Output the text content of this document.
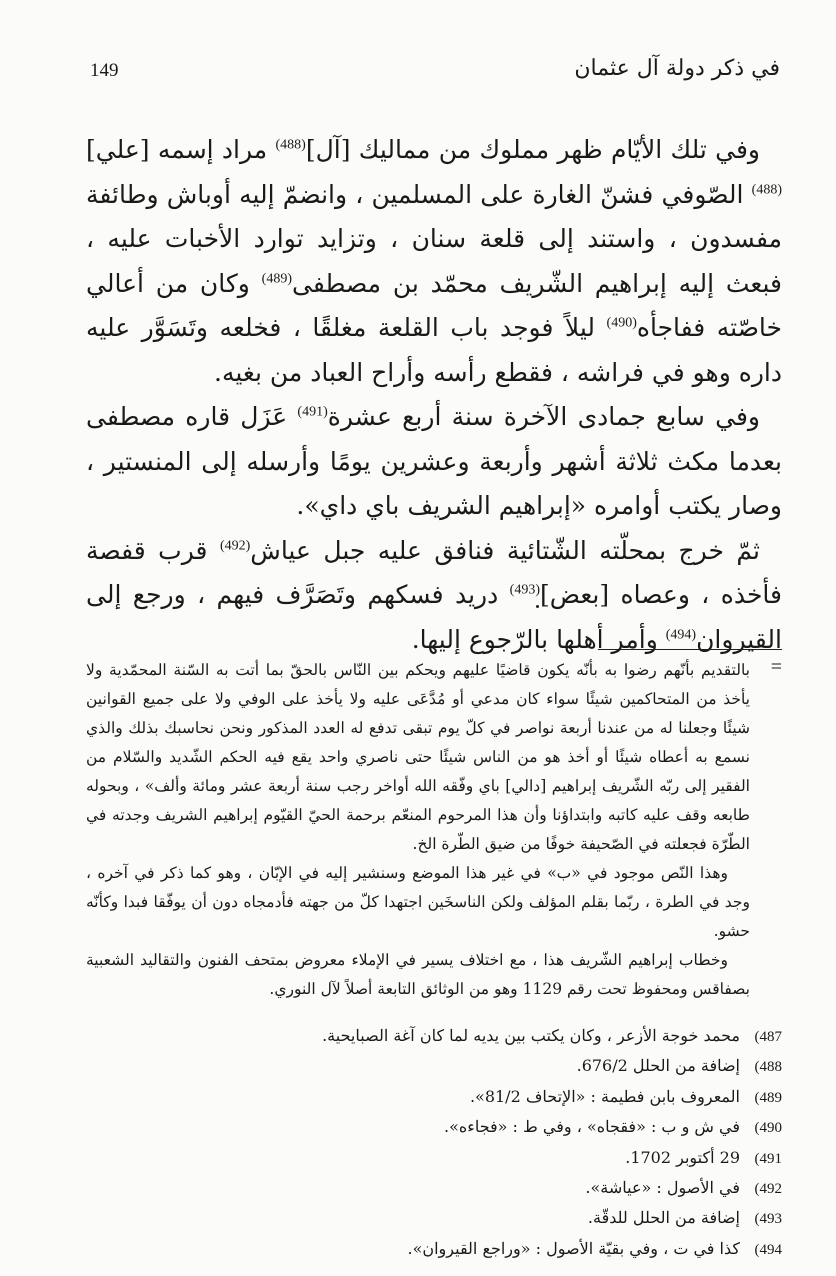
149	في ذكر دولة آل عثمان

وفي تلك الأيّام ظهر مملوك من مماليك [آل]$^{(488)}$ مراد إسمه [علي]$^{(488)}$ الصّوفي فشنّ الغارة على المسلمين ، وانضمّ إليه أوباش وطائفة مفسدون ، واستند إلى قلعة سنان ، وتزايد توارد الأخبات عليه ، فبعث إليه إبراهيم الشّريف محمّد بن مصطفى$^{(489)}$ وكان من أعالي خاصّته ففاجأه$^{(490)}$ ليلاً فوجد باب القلعة مغلقًا ، فخلعه وتَسَوَّر عليه داره وهو في فراشه ، فقطع رأسه وأراح العباد من بغيه.

وفي سابع جمادى الآخرة سنة أربع عشرة$^{(491)}$ عَزَل قاره مصطفى بعدما مكث ثلاثة أشهر وأربعة وعشرين يومًا وأرسله إلى المنستير ، وصار يكتب أوامره «إبراهيم الشريف باي داي».

ثمّ خرج بمحلّته الشّتائية فنافق عليه جبل عياش$^{(492)}$ قرب قفصة فأخذه ، وعصاه [بعض]$^{(493)}$ دريد فسكهم وتَصَرَّف فيهم ، ورجع إلى القيروان$^{(494)}$ وأمر أهلها بالرّجوع إليها.

=

بالتقديم بأنّهم رضوا به بأنّه يكون قاضيًا عليهم ويحكم بين النّاس بالحقّ بما أتت به السّنة المحمّدية ولا يأخذ من المتحاكمين شيئًا سواء كان مدعي أو مُدَّعَى عليه ولا يأخذ على الوفي ولا على جميع القوانين شيئًا وجعلنا له من عندنا أربعة نواصر في كلّ يوم تبقى تدفع له العدد المذكور ونحن نحاسبك بذلك والذي نسمع به أعطاه شيئًا أو أخذ هو من الناس شيئًا حتى ناصري واحد يقع فيه الحكم الشّديد والسّلام من الفقير إلى ربّه الشّريف إبراهيم [دالي] باي وفّقه الله أواخر رجب سنة أربعة عشر ومائة وألف» ، وبحوله طابعه وقف عليه كاتبه وابتداؤنا وأن هذا المرحوم المنعّم برحمة الحيّ القيّوم إبراهيم الشريف وجدته في الطّرّة فجعلته في الصّحيفة خوفًا من ضيق الطّرة الخ.

وهذا النّص موجود في «ب» في غير هذا الموضع وسنشير إليه في الإبّان ، وهو كما ذكر في آخره ، وجد في الطرة ، ربّما بقلم المؤلف ولكن الناسخَين اجتهدا كلّ من جهته فأدمجاه دون أن يوفّقا فبدا وكأنّه حشو.

وخطاب إبراهيم الشّريف هذا ، مع اختلاف يسير في الإملاء معروض بمتحف الفنون والتقاليد الشعبية بصفاقس ومحفوظ تحت رقم 1129 وهو من الوثائق التابعة أصلاً لآل النوري.

487)
محمد خوجة الأزعر ، وكان يكتب بين يديه لما كان آغة الصبايحية.
488)
إضافة من الحلل 676/2.
489)
المعروف بابن فطيمة : «الإتحاف 81/2».
490)
في ش و ب : «فقجاه» ، وفي ط : «فجاءه».
491)
29 أكتوبر 1702.
492)
في الأصول : «عياشة».
493)
إضافة من الحلل للدقّة.
494)
كذا في ت ، وفي بقيّة الأصول : «وراجع القيروان».
